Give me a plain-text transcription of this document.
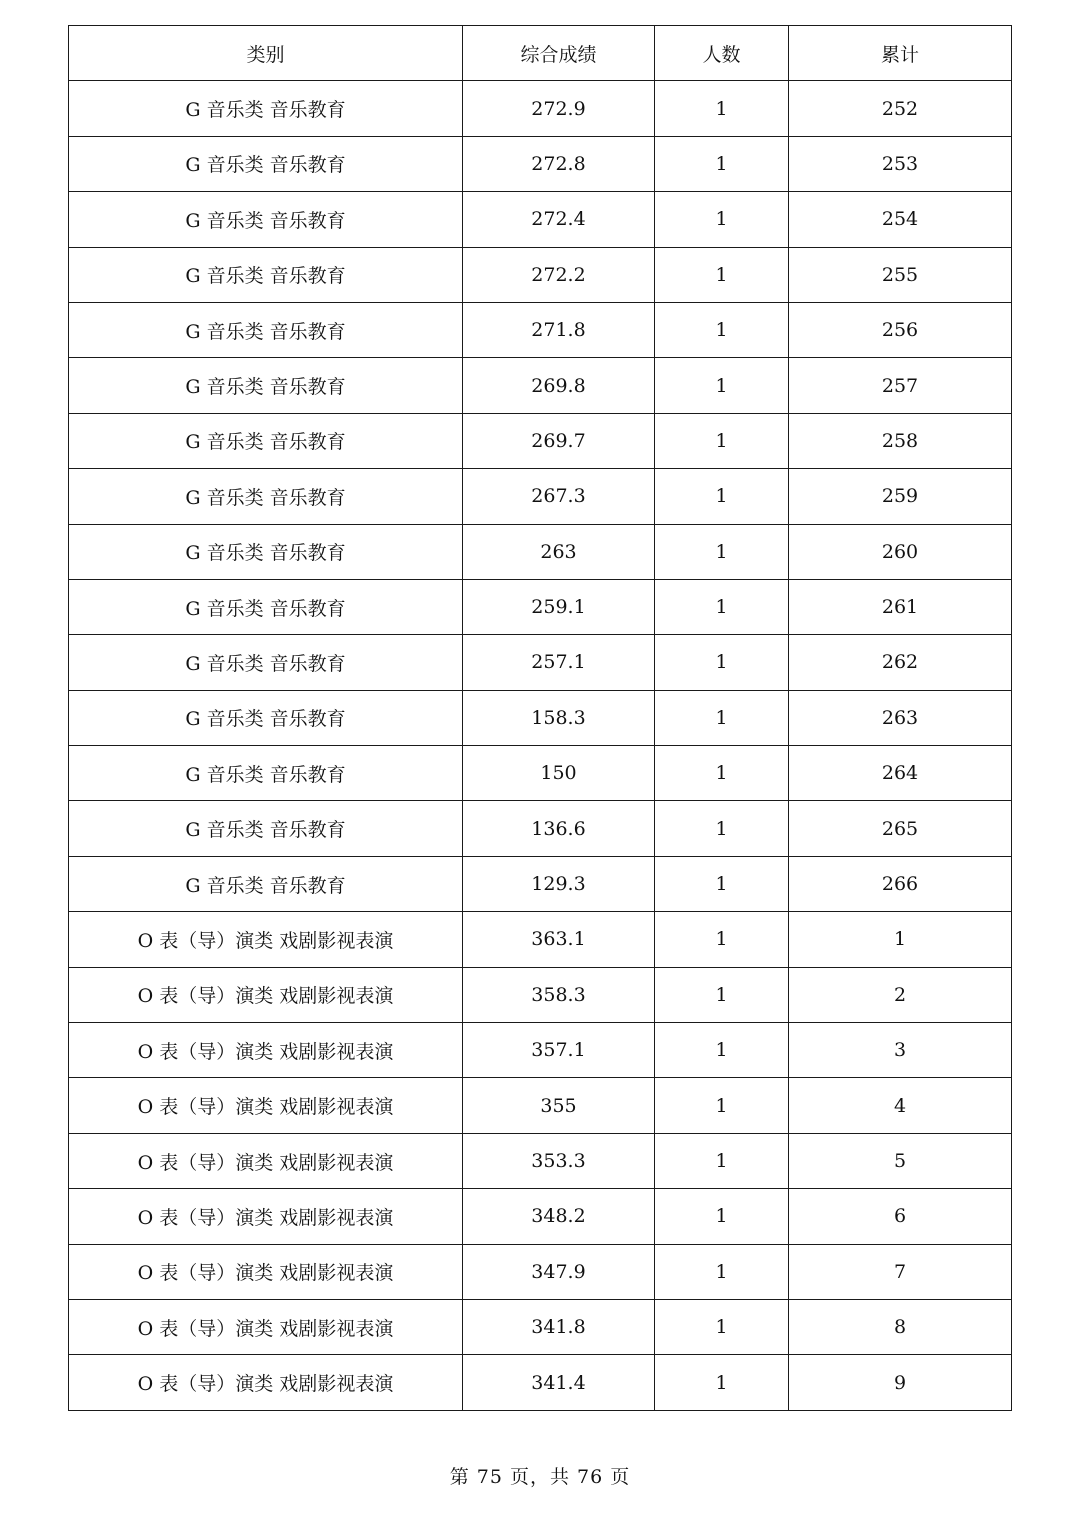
类别	综合成绩	人数	累计
G 音乐类 音乐教育	272.9	1	252
G 音乐类 音乐教育	272.8	1	253
G 音乐类 音乐教育	272.4	1	254
G 音乐类 音乐教育	272.2	1	255
G 音乐类 音乐教育	271.8	1	256
G 音乐类 音乐教育	269.8	1	257
G 音乐类 音乐教育	269.7	1	258
G 音乐类 音乐教育	267.3	1	259
G 音乐类 音乐教育	263	1	260
G 音乐类 音乐教育	259.1	1	261
G 音乐类 音乐教育	257.1	1	262
G 音乐类 音乐教育	158.3	1	263
G 音乐类 音乐教育	150	1	264
G 音乐类 音乐教育	136.6	1	265
G 音乐类 音乐教育	129.3	1	266
O 表（导）演类 戏剧影视表演	363.1	1	1
O 表（导）演类 戏剧影视表演	358.3	1	2
O 表（导）演类 戏剧影视表演	357.1	1	3
O 表（导）演类 戏剧影视表演	355	1	4
O 表（导）演类 戏剧影视表演	353.3	1	5
O 表（导）演类 戏剧影视表演	348.2	1	6
O 表（导）演类 戏剧影视表演	347.9	1	7
O 表（导）演类 戏剧影视表演	341.8	1	8
O 表（导）演类 戏剧影视表演	341.4	1	9
第 75 页，共 76 页
